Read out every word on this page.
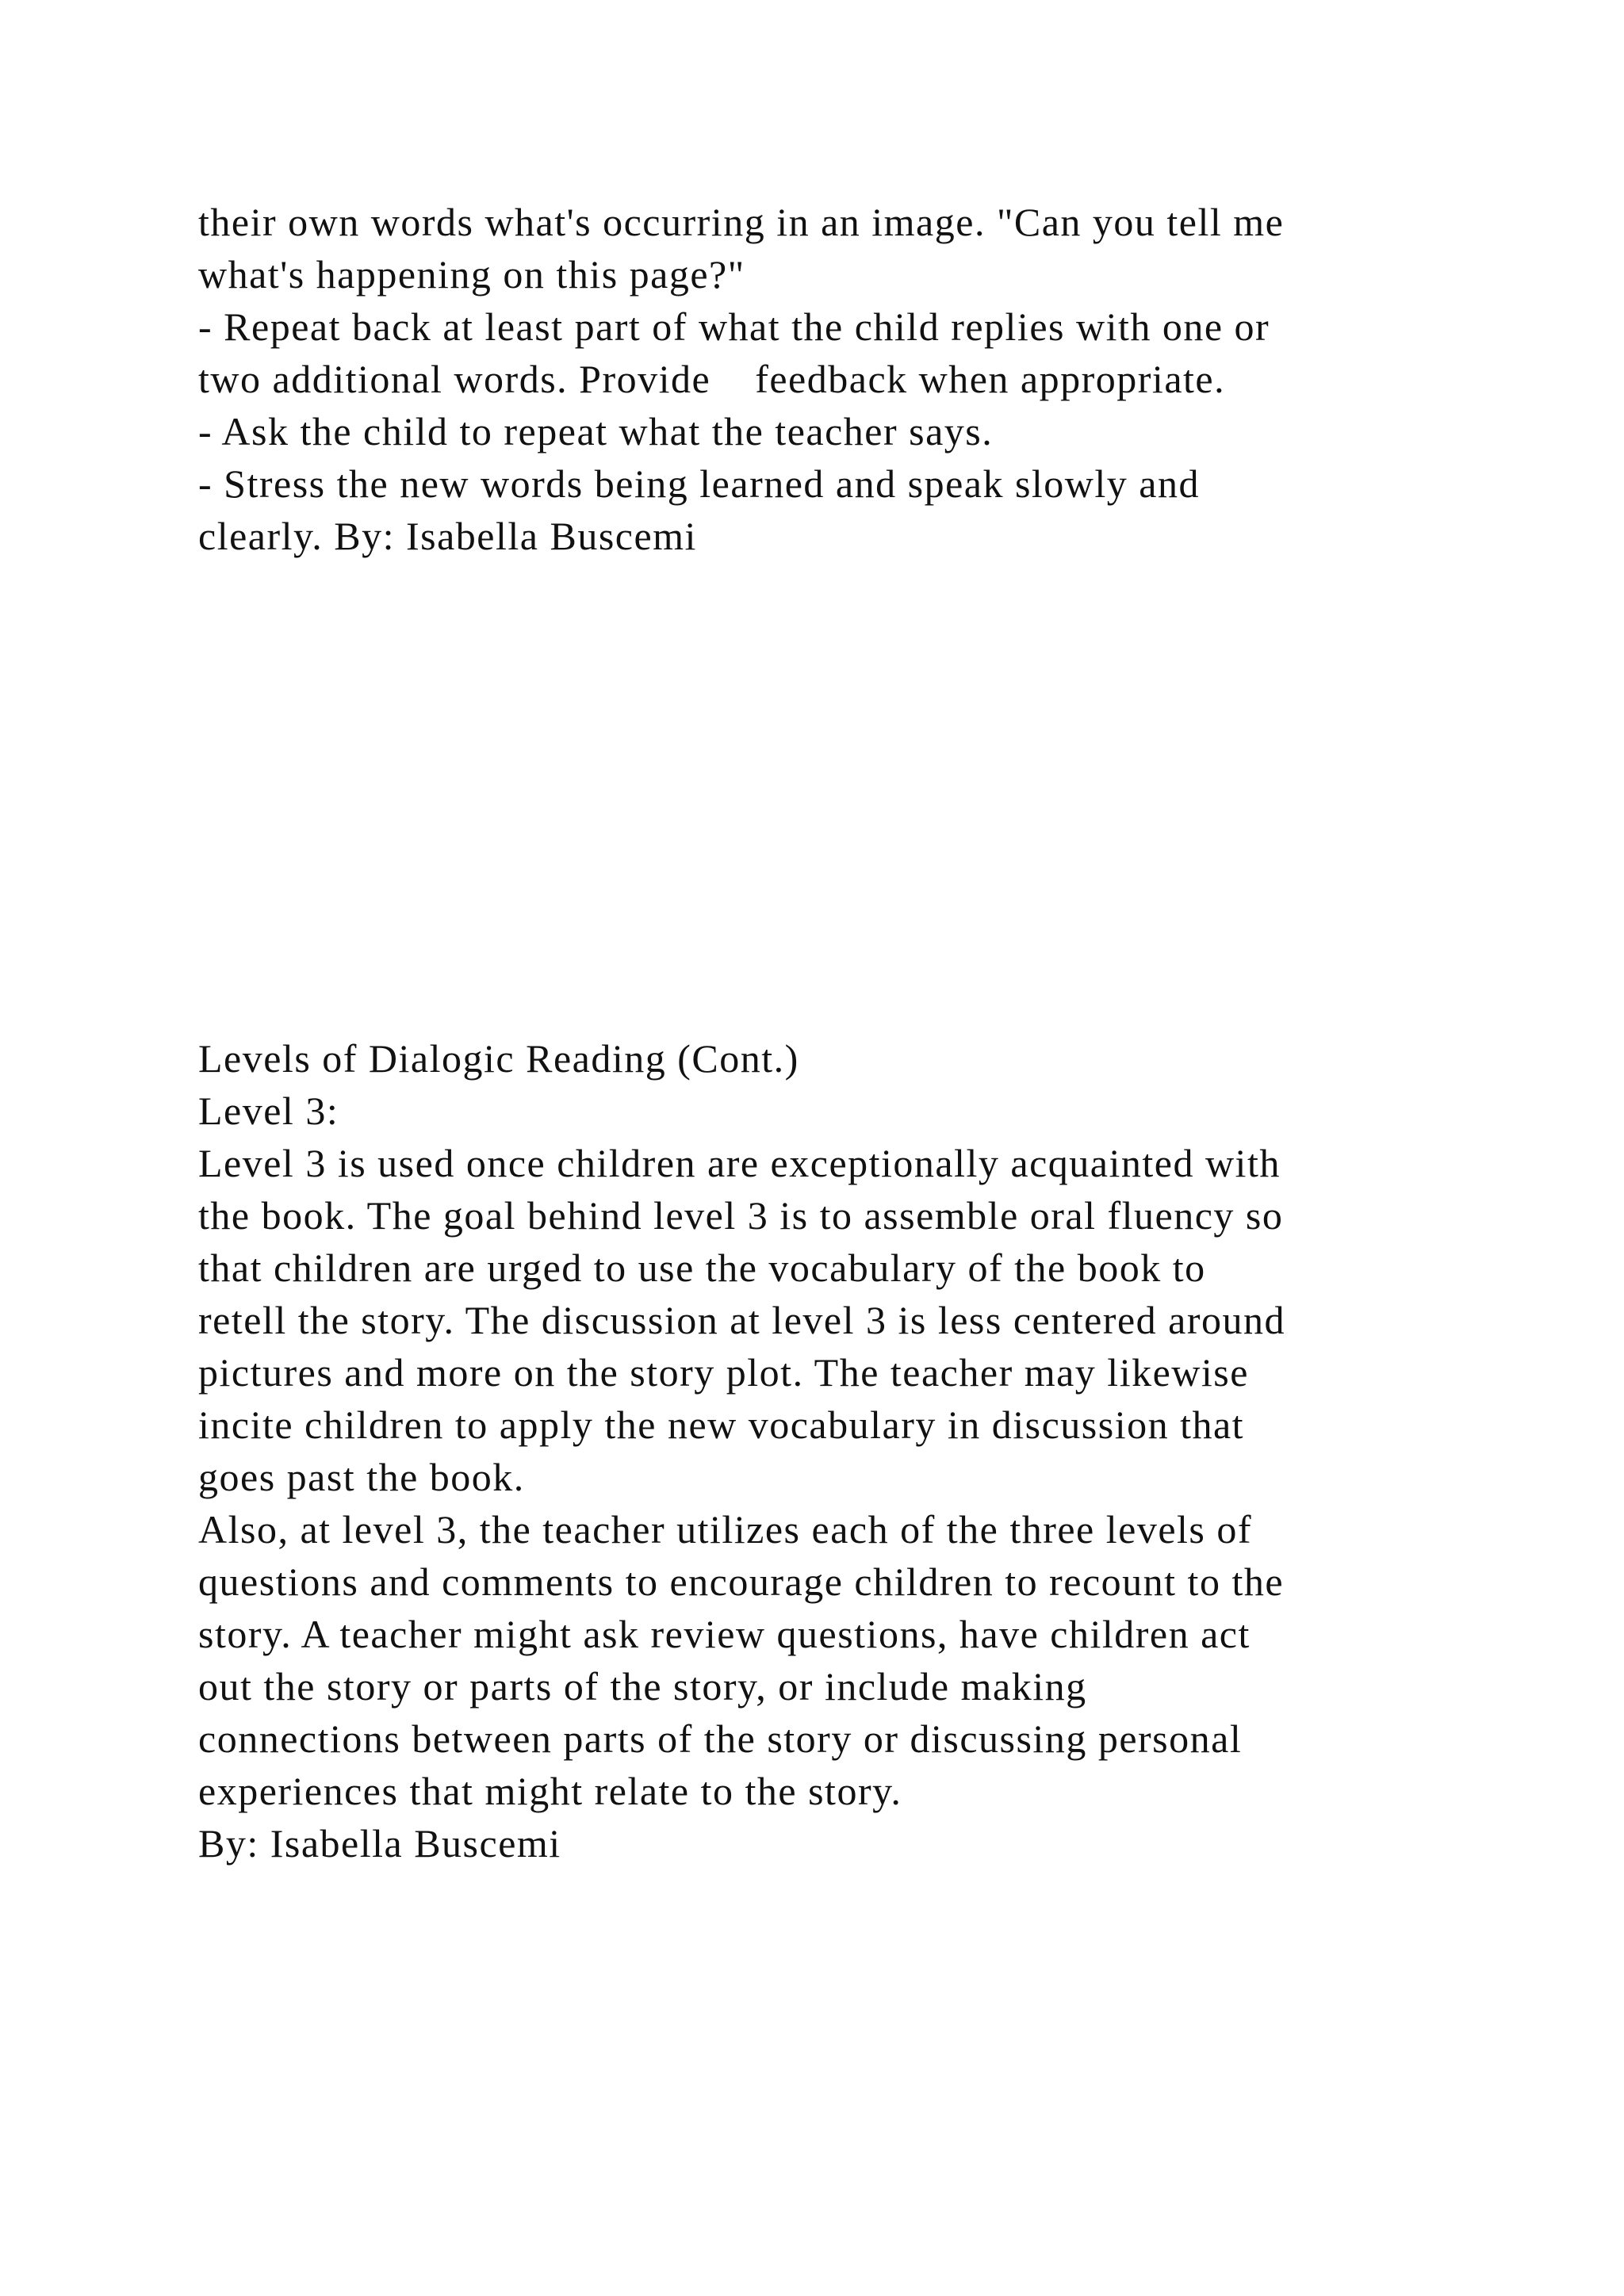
their own words what's occurring in an image. "Can you tell me
what's happening on this page?"
- Repeat back at least part of what the child replies with one or
two additional words. Provide    feedback when appropriate.
- Ask the child to repeat what the teacher says.
- Stress the new words being learned and speak slowly and
clearly. By: Isabella Buscemi
Levels of Dialogic Reading (Cont.)
Level 3:
Level 3 is used once children are exceptionally acquainted with
the book. The goal behind level 3 is to assemble oral fluency so
that children are urged to use the vocabulary of the book to
retell the story. The discussion at level 3 is less centered around
pictures and more on the story plot. The teacher may likewise
incite children to apply the new vocabulary in discussion that
goes past the book.
Also, at level 3, the teacher utilizes each of the three levels of
questions and comments to encourage children to recount to the
story. A teacher might ask review questions, have children act
out the story or parts of the story, or include making
connections between parts of the story or discussing personal
experiences that might relate to the story.
By: Isabella Buscemi
